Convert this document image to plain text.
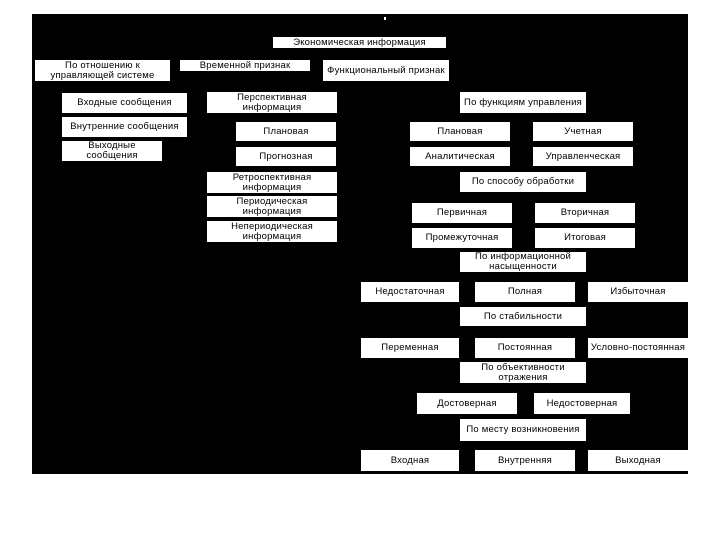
Экономическая информация
По отношению к управляющей системе
Входные сообщения
Внутренние сообщения
Выходные сообщения
Временной признак
Перспективная информация
Плановая
Прогнозная
Ретроспективная информация
Периодическая информация
Непериодическая информация
Функциональный признак
По функциям управления
Плановая	Учетная
Аналитическая	Управленческая
По способу обработки
Первичная	Вторичная
Промежуточная	Итоговая
По информационной насыщенности
Недостаточная	Полная	Избыточная
По стабильности
Переменная	Постоянная	Условно-постоянная
По объективности отражения
Достоверная	Недостоверная
По месту возникновения
Входная	Внутренняя	Выходная
